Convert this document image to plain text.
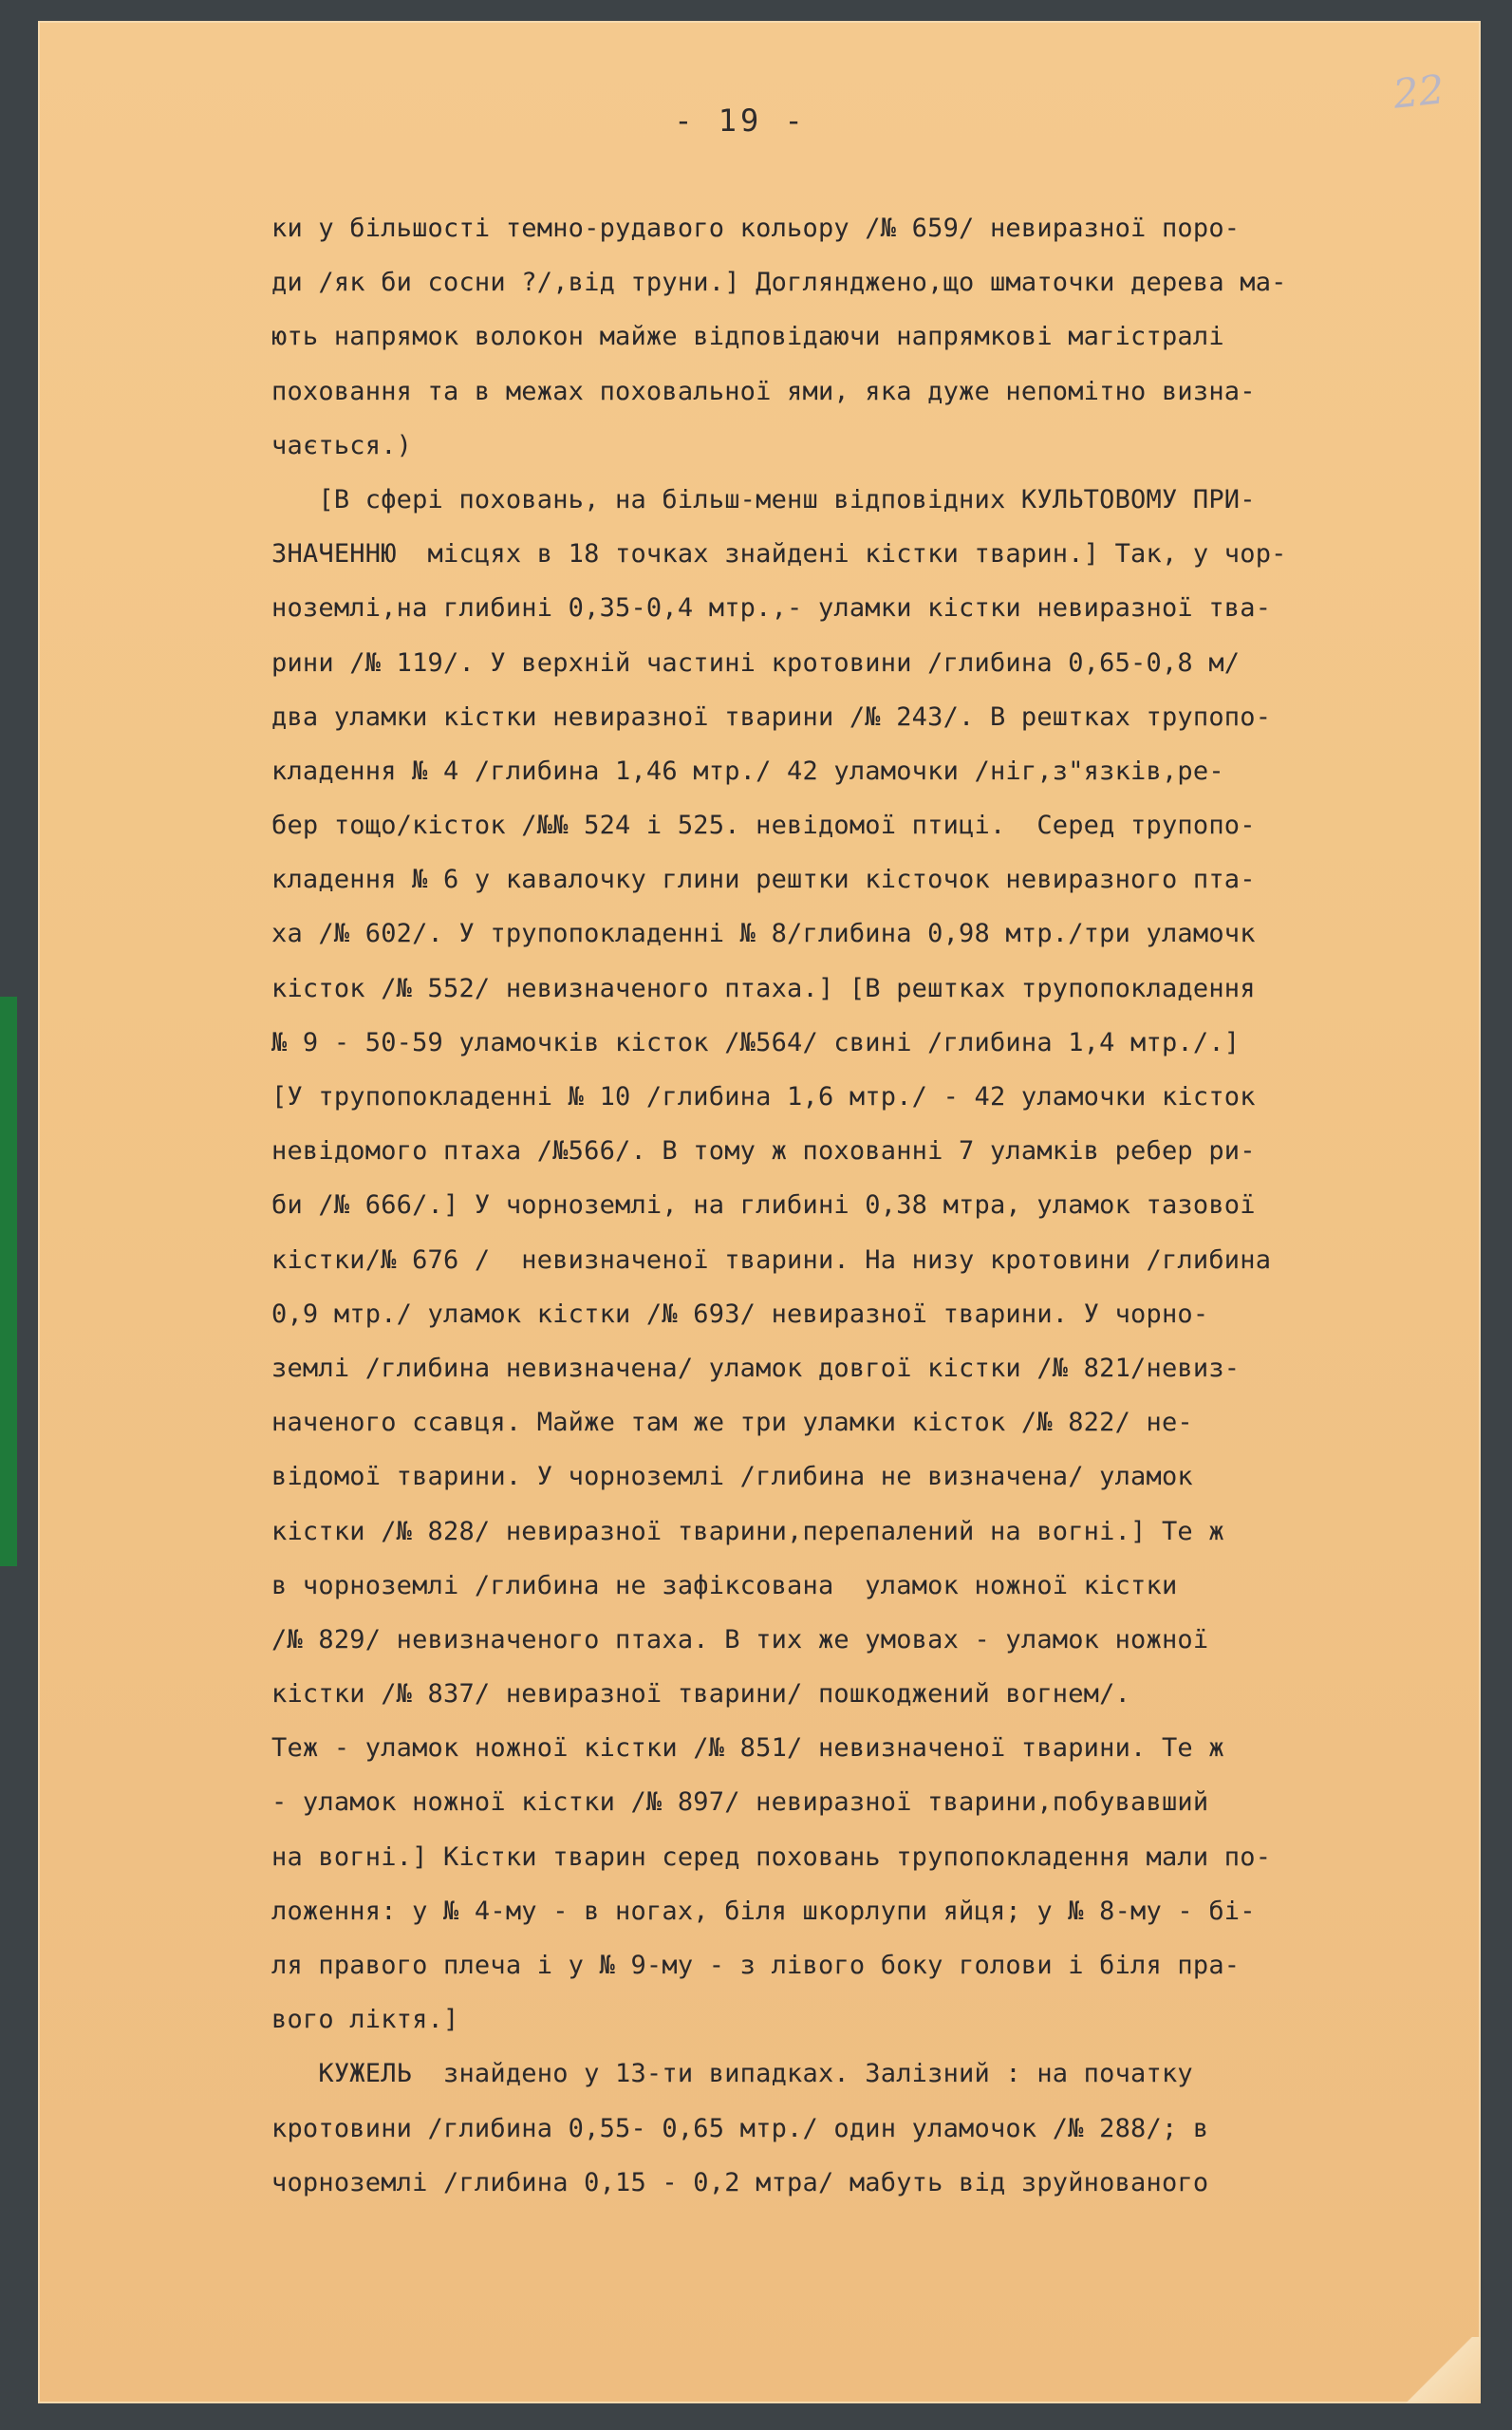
22
- 19 -
ки у більшості темно-рудавого кольору /№ 659/ невиразної поро-
ди /як би сосни ?/,від труни.] Доглянджено,що шматочки дерева ма-
ють напрямок волокон майже відповідаючи напрямкові магістралі
поховання та в межах поховальної ями, яка дуже непомітно визна-
чається.)
[В сфері поховань, на більш-менш відповідних КУЛЬТОВОМУ ПРИ-
ЗНАЧЕННЮ  місцях в 18 точках знайдені кістки тварин.] Так, у чор-
ноземлі,на глибині 0,35-0,4 мтр.,- уламки кістки невиразної тва-
рини /№ 119/. У верхній частині кротовини /глибина 0,65-0,8 м/
два уламки кістки невиразної тварини /№ 243/. В рештках трупопо-
кладення № 4 /глибина 1,46 мтр./ 42 уламочки /ніг,з"язків,ре-
бер тощо/кісток /№№ 524 і 525. невідомої птиці.  Серед трупопо-
кладення № 6 у кавалочку глини рештки кісточок невиразного пта-
ха /№ 602/. У трупопокладенні № 8/глибина 0,98 мтр./три уламочк
кісток /№ 552/ невизначеного птаха.] [В рештках трупопокладення
№ 9 - 50-59 уламочків кісток /№564/ свині /глибина 1,4 мтр./.]
[У трупопокладенні № 10 /глибина 1,6 мтр./ - 42 уламочки кісток
невідомого птаха /№566/. В тому ж похованні 7 уламків ребер ри-
би /№ 666/.] У чорноземлі, на глибині 0,38 мтра, уламок тазової
кістки/№ 676 /  невизначеної тварини. На низу кротовини /глибина
0,9 мтр./ уламок кістки /№ 693/ невиразної тварини. У чорно-
землі /глибина невизначена/ уламок довгої кістки /№ 821/невиз-
наченого ссавця. Майже там же три уламки кісток /№ 822/ не-
відомої тварини. У чорноземлі /глибина не визначена/ уламок
кістки /№ 828/ невиразної тварини,перепалений на вогні.] Те ж
в чорноземлі /глибина не зафіксована  уламок ножної кістки
/№ 829/ невизначеного птаха. В тих же умовах - уламок ножної
кістки /№ 837/ невиразної тварини/ пошкоджений вогнем/.
Теж - уламок ножної кістки /№ 851/ невизначеної тварини. Те ж
- уламок ножної кістки /№ 897/ невиразної тварини,побувавший
на вогні.] Кістки тварин серед поховань трупопокладення мали по-
ложення: у № 4-му - в ногах, біля шкорлупи яйця; у № 8-му - бі-
ля правого плеча і у № 9-му - з лівого боку голови і біля пра-
вого ліктя.]
КУЖЕЛЬ  знайдено у 13-ти випадках. Залізний : на початку
кротовини /глибина 0,55- 0,65 мтр./ один уламочок /№ 288/; в
чорноземлі /глибина 0,15 - 0,2 мтра/ мабуть від зруйнованого
